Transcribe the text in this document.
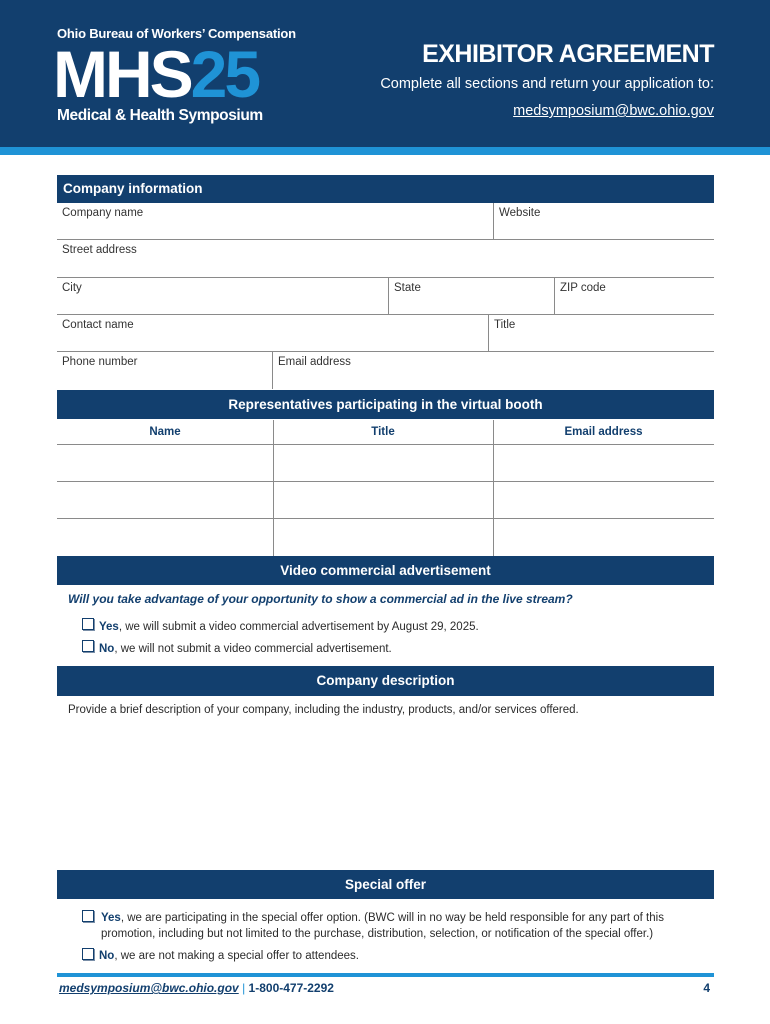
Ohio Bureau of Workers’ Compensation
MHS25
Medical & Health Symposium
EXHIBITOR AGREEMENT
Complete all sections and return your application to:
medsymposium@bwc.ohio.gov
Company information
Company name	Website
Street address
City	State	ZIP code
Contact name	Title
Phone number	Email address
Representatives participating in the virtual booth
Name	Title	Email address
Video commercial advertisement
Will you take advantage of your opportunity to show a commercial ad in the live stream?
Yes, we will submit a video commercial advertisement by August 29, 2025.
No, we will not submit a video commercial advertisement.
Company description
Provide a brief description of your company, including the industry, products, and/or services offered.
Special offer
Yes, we are participating in the special offer option. (BWC will in no way be held responsible for any part of this promotion, including but not limited to the purchase, distribution, selection, or notification of the special offer.)
No, we are not making a special offer to attendees.
medsymposium@bwc.ohio.gov | 1-800-477-2292	4
